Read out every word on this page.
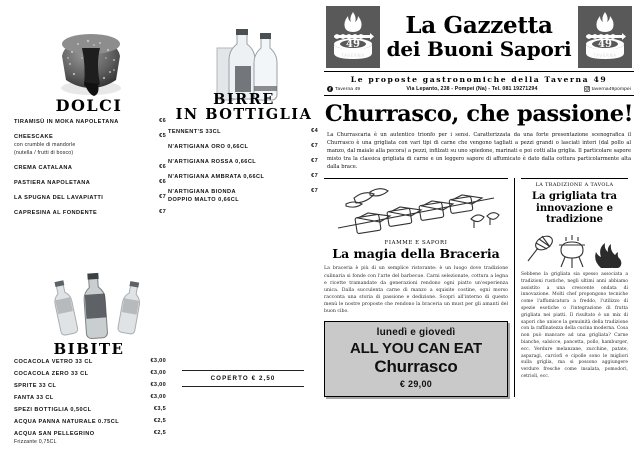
DOLCI
TIRAMISÙ IN MOKA NAPOLETANA	€6
CHEESCAKE
con crumble di mandorle
(nutella / frutti di bosco)
€5
CREMA CATALANA	€6
PASTIERA NAPOLETANA	€6
LA SPUGNA DEL LAVAPIATTI	€7
CAPRESINA AL FONDENTE	€7
BIRRE
IN BOTTIGLIA
TENNENT'S 33CL	€4
N'ARTIGIANA ORO 0,66CL	€7
N'ARTIGIANA ROSSA 0,66CL	€7
N'ARTIGIANA AMBRATA 0,66CL	€7
N'ARTIGIANA BIONDA
DOPPIO MALTO 0,66CL
€7
BIBITE
COCACOLA VETRO 33 CL	€3,00
COCACOLA ZERO 33 CL	€3,00
SPRITE 33 CL	€3,00
FANTA 33 CL	€3,00
SPEZI BOTTIGLIA 0,50CL	€3,5
ACQUA PANNA NATURALE 0.75CL	€2,5
ACQUA SAN PELLEGRINO
Frizzante 0,75CL
€2,5
COPERTO € 2,50
49
TAVERNA
La Gazzetta
dei Buoni Sapori	49
TAVERNA
Le proposte gastronomiche della Taverna 49
Taverna 49	Via Lepanto, 238 - Pompei (Na) - Tel. 081 19271294	taverna49pompei
Churrasco, che passione!
La Churrascaria è un autentico trionfo per i sensi. Caratterizzata da una forte presentazione scenografica il Churrasco è una grigliata con vari tipi di carne che vengono tagliati a pezzi grandi o lasciati interi (dal pollo al manzo, dal maiale alla pecora) a pezzi, infilzati su uno spiedone, marinati e poi cotti alla griglia. Il particolare sapore misto tra la classica grigliata di carne e un leggero sapore di affumicato è dato dalla cottura particolarmente alta dalla brace.
FIAMME E SAPORI
La magia della Braceria
La braceria è più di un semplice ristorante: è un luogo dove tradizione culinaria si fonde con l'arte del barbecue. Carni selezionate, cottura a legna e ricette tramandate da generazioni rendono ogni piatto un'esperienza unica. Dalla succulenta carne di manzo a squisite costine, ogni morso racconta una storia di passione e dedizione. Scopri all'interno di questo menù le nostre proposte che rendono la braceria un must per gli amanti del buon cibo.
lunedì e giovedì
ALL YOU CAN EAT
Churrasco
€ 29,00
LA TRADIZIONE A TAVOLA
La grigliata tra innovazione e tradizione
Sebbene la grigliata sia spesso associata a tradizioni rustiche, negli ultimi anni abbiamo assistito a una crescente ondata di innovazione. Molti chef propongono tecniche come l'affumicatura a freddo, l'utilizzo di spezie esotiche o l'integrazione di frutta grigliata nei piatti. Il risultato è un mix di sapori che unisce la genuinità della tradizione con la raffinatezza della cucina moderna. Cosa non può mancare ad una grigliata? Carne bianche, salsicce, pancetta, pollo, hamburger, ecc. Verdure melanzane, zucchine, patate, asparagi, carciofi e cipolle sono le migliori sulla griglia, ma si possono aggiungere verdure fresche come insalata, pomodori, cetrioli, ecc.
